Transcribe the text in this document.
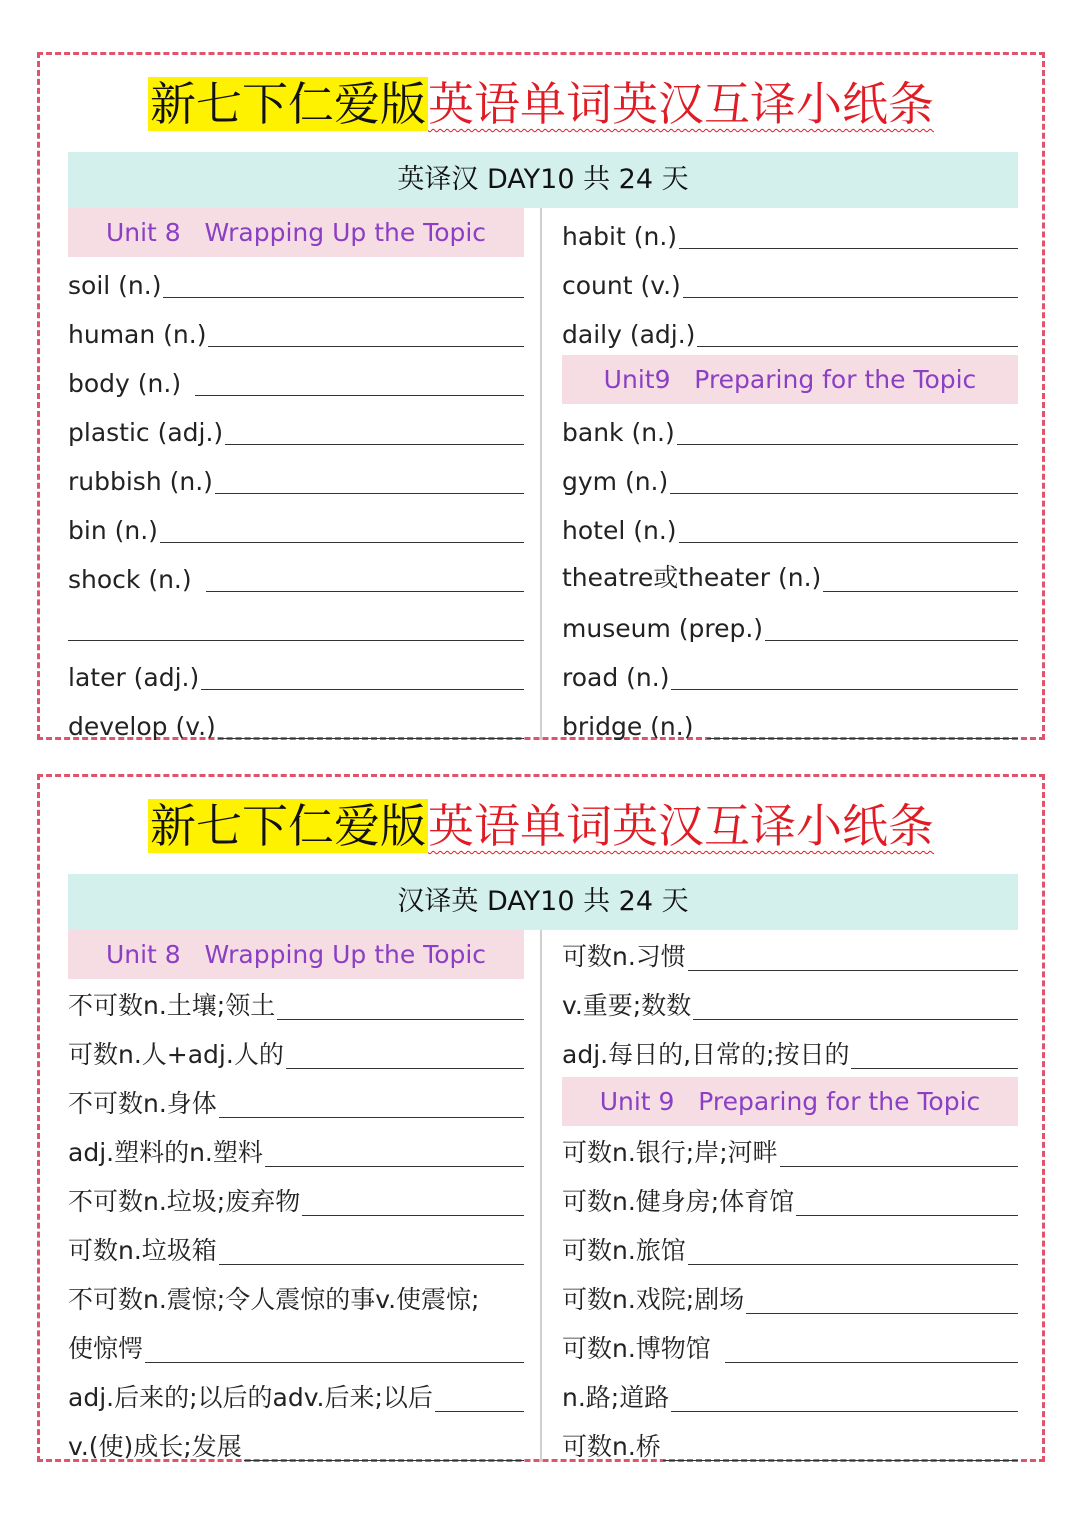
新七下仁爱版英语单词英汉互译小纸条
英译汉 DAY10 共 24 天
Unit 8   Wrapping Up the Topic
soil (n.)
human (n.)
body (n.)
plastic (adj.)
rubbish (n.)
bin (n.)
shock (n.)
later (adj.)
develop (v.)
habit (n.)
count (v.)
daily (adj.)
Unit9   Preparing for the Topic
bank (n.)
gym (n.)
hotel (n.)
theatre或theater (n.)
museum (prep.)
road (n.)
bridge (n.)
新七下仁爱版英语单词英汉互译小纸条
汉译英 DAY10 共 24 天
Unit 8   Wrapping Up the Topic
不可数n.土壤;领土
可数n.人+adj.人的
不可数n.身体
adj.塑料的n.塑料
不可数n.垃圾;废弃物
可数n.垃圾箱
不可数n.震惊;令人震惊的事v.使震惊;
使惊愕
adj.后来的;以后的adv.后来;以后
v.(使)成长;发展
可数n.习惯
v.重要;数数
adj.每日的,日常的;按日的
Unit 9   Preparing for the Topic
可数n.银行;岸;河畔
可数n.健身房;体育馆
可数n.旅馆
可数n.戏院;剧场
可数n.博物馆
n.路;道路
可数n.桥
